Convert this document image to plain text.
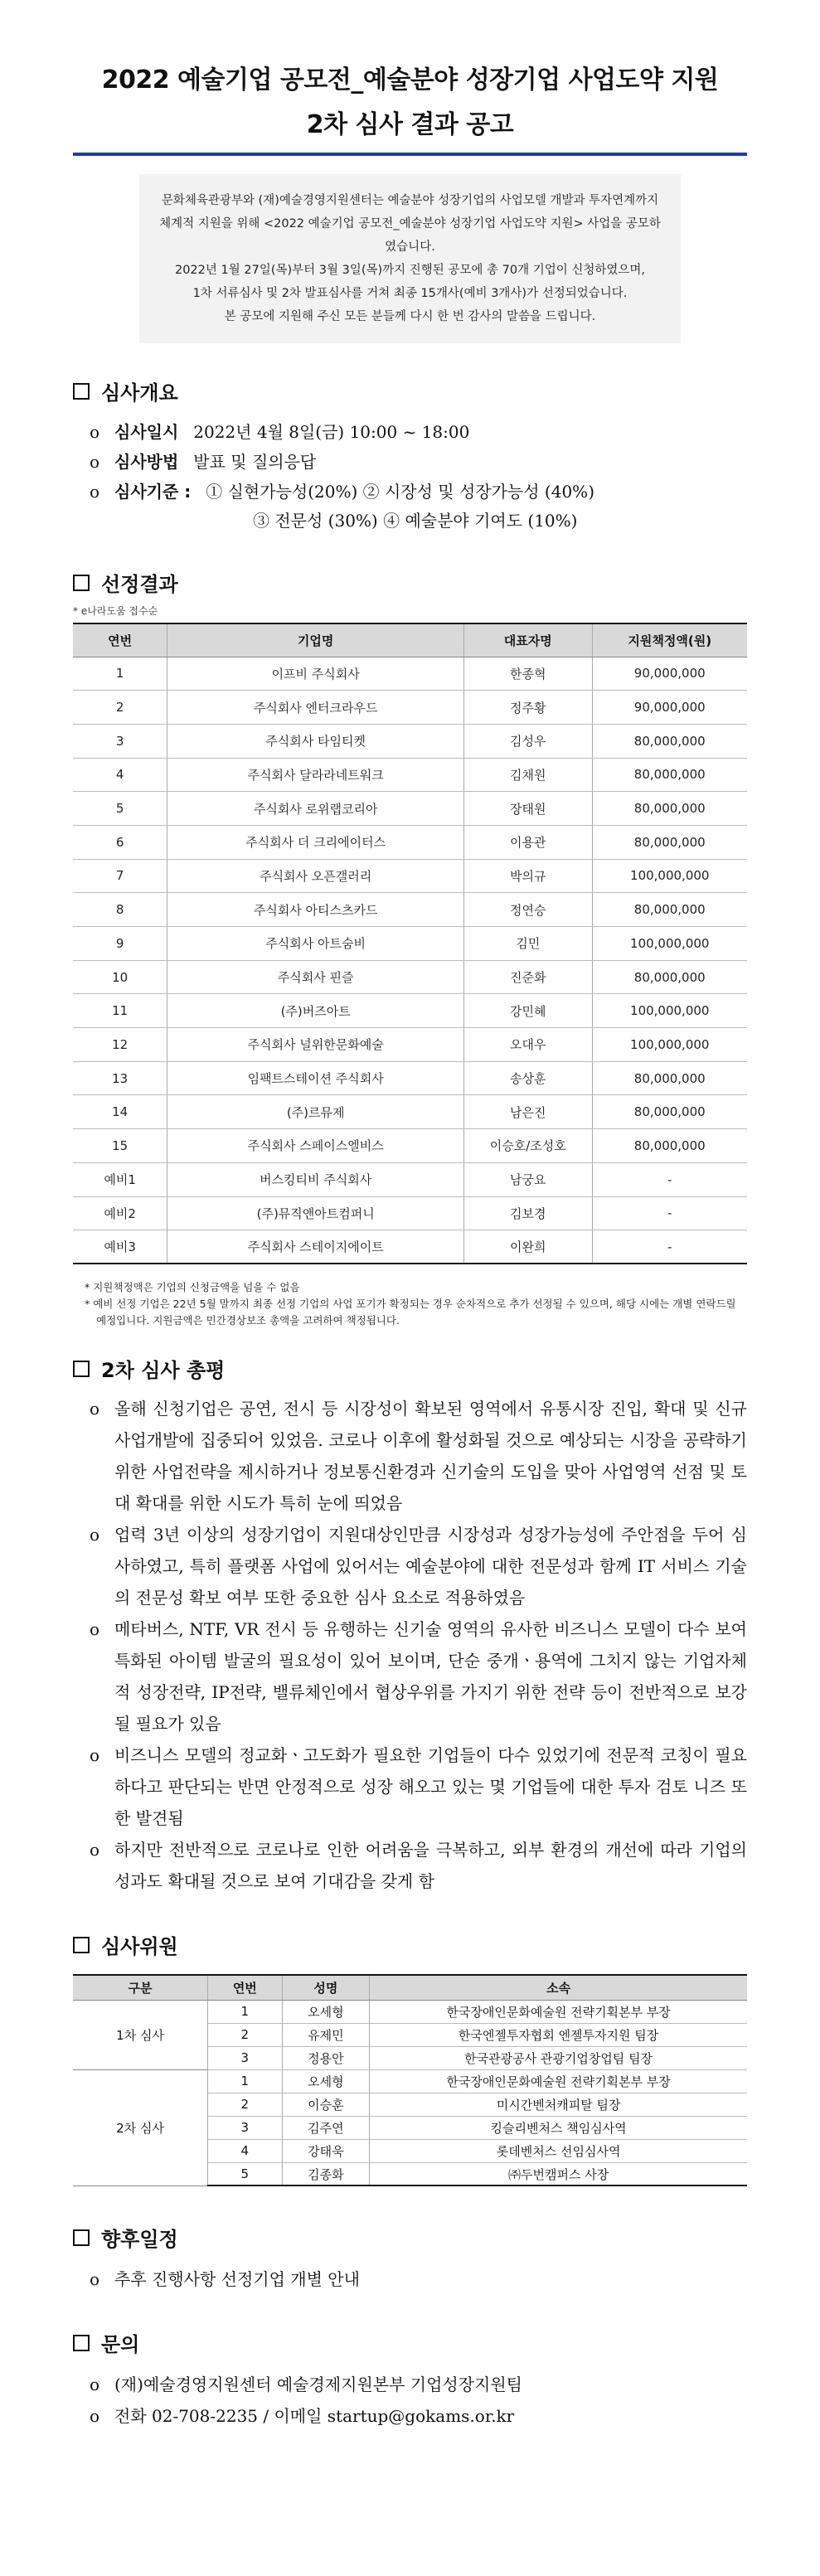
2022 예술기업 공모전_예술분야 성장기업 사업도약 지원
2차 심사 결과 공고
문화체육관광부와 (재)예술경영지원센터는 예술분야 성장기업의 사업모델 개발과 투자연계까지
체계적 지원을 위해 <2022 예술기업 공모전_예술분야 성장기업 사업도약 지원> 사업을 공모하였습니다.
2022년 1월 27일(목)부터 3월 3일(목)까지 진행된 공모에 총 70개 기업이 신청하였으며,
1차 서류심사 및 2차 발표심사를 거쳐 최종 15개사(예비 3개사)가 선정되었습니다.
본 공모에 지원해 주신 모든 분들께 다시 한 번 감사의 말씀을 드립니다.
심사개요
o 심사일시 2022년 4월 8일(금) 10:00 ~ 18:00
o 심사방법 발표 및 질의응답
o 심사기준 : ① 실현가능성(20%) ② 시장성 및 성장가능성 (40%)
③ 전문성 (30%) ④ 예술분야 기여도 (10%)
선정결과
* e나라도움 접수순
연번	기업명	대표자명	지원책정액(원)
1	이프비 주식회사	한종혁	90,000,000
2	주식회사 엔터크라우드	정주황	90,000,000
3	주식회사 타임티켓	김성우	80,000,000
4	주식회사 달라라네트워크	김채원	80,000,000
5	주식회사 로위랩코리아	장태원	80,000,000
6	주식회사 더 크리에이터스	이용관	80,000,000
7	주식회사 오픈갤러리	박의규	100,000,000
8	주식회사 아티스츠카드	정연승	80,000,000
9	주식회사 아트숨비	김민	100,000,000
10	주식회사 핀즐	진준화	80,000,000
11	(주)버즈아트	강민혜	100,000,000
12	주식회사 널위한문화예술	오대우	100,000,000
13	임팩트스테이션 주식회사	송상훈	80,000,000
14	(주)르뮤제	남은진	80,000,000
15	주식회사 스페이스엘비스	이승호/조성호	80,000,000
예비1	버스킹티비 주식회사	남궁요	-
예비2	(주)뮤직앤아트컴퍼니	김보경	-
예비3	주식회사 스테이지에이트	이완희	-
* 지원책정액은 기업의 신청금액을 넘을 수 없음
* 예비 선정 기업은 22년 5월 말까지 최종 선정 기업의 사업 포기가 확정되는 경우 순차적으로 추가 선정될 수 있으며, 해당 시에는 개별 연락드릴 예정입니다. 지원금액은 민간경상보조 총액을 고려하여 책정됩니다.
2차 심사 총평
o 올해 신청기업은 공연, 전시 등 시장성이 확보된 영역에서 유통시장 진입, 확대 및 신규사업개발에 집중되어 있었음. 코로나 이후에 활성화될 것으로 예상되는 시장을 공략하기 위한 사업전략을 제시하거나 정보통신환경과 신기술의 도입을 맞아 사업영역 선점 및 토대 확대를 위한 시도가 특히 눈에 띄었음
o 업력 3년 이상의 성장기업이 지원대상인만큼 시장성과 성장가능성에 주안점을 두어 심사하였고, 특히 플랫폼 사업에 있어서는 예술분야에 대한 전문성과 함께 IT 서비스 기술의 전문성 확보 여부 또한 중요한 심사 요소로 적용하였음
o 메타버스, NTF, VR 전시 등 유행하는 신기술 영역의 유사한 비즈니스 모델이 다수 보여 특화된 아이템 발굴의 필요성이 있어 보이며, 단순 중개ㆍ용역에 그치지 않는 기업자체적 성장전략, IP전략, 밸류체인에서 협상우위를 가지기 위한 전략 등이 전반적으로 보강될 필요가 있음
o 비즈니스 모델의 정교화ㆍ고도화가 필요한 기업들이 다수 있었기에 전문적 코칭이 필요하다고 판단되는 반면 안정적으로 성장 해오고 있는 몇 기업들에 대한 투자 검토 니즈 또한 발견됨
o 하지만 전반적으로 코로나로 인한 어려움을 극복하고, 외부 환경의 개선에 따라 기업의 성과도 확대될 것으로 보여 기대감을 갖게 함
심사위원
구분	연번	성명	소속
1차 심사	1	오세형	한국장애인문화예술원 전략기획본부 부장
	2	유제민	한국엔젤투자협회 엔젤투자지원 팀장
	3	정용안	한국관광공사 관광기업창업팀 팀장
2차 심사	1	오세형	한국장애인문화예술원 전략기획본부 부장
	2	이승훈	미시간벤처캐피탈 팀장
	3	김주연	킹슬리벤처스 책임심사역
	4	강태욱	롯데벤처스 선임심사역
	5	김종화	㈜두번캠퍼스 사장
향후일정
o 추후 진행사항 선정기업 개별 안내
문의
o (재)예술경영지원센터 예술경제지원본부 기업성장지원팀
o 전화 02-708-2235 / 이메일 startup@gokams.or.kr
